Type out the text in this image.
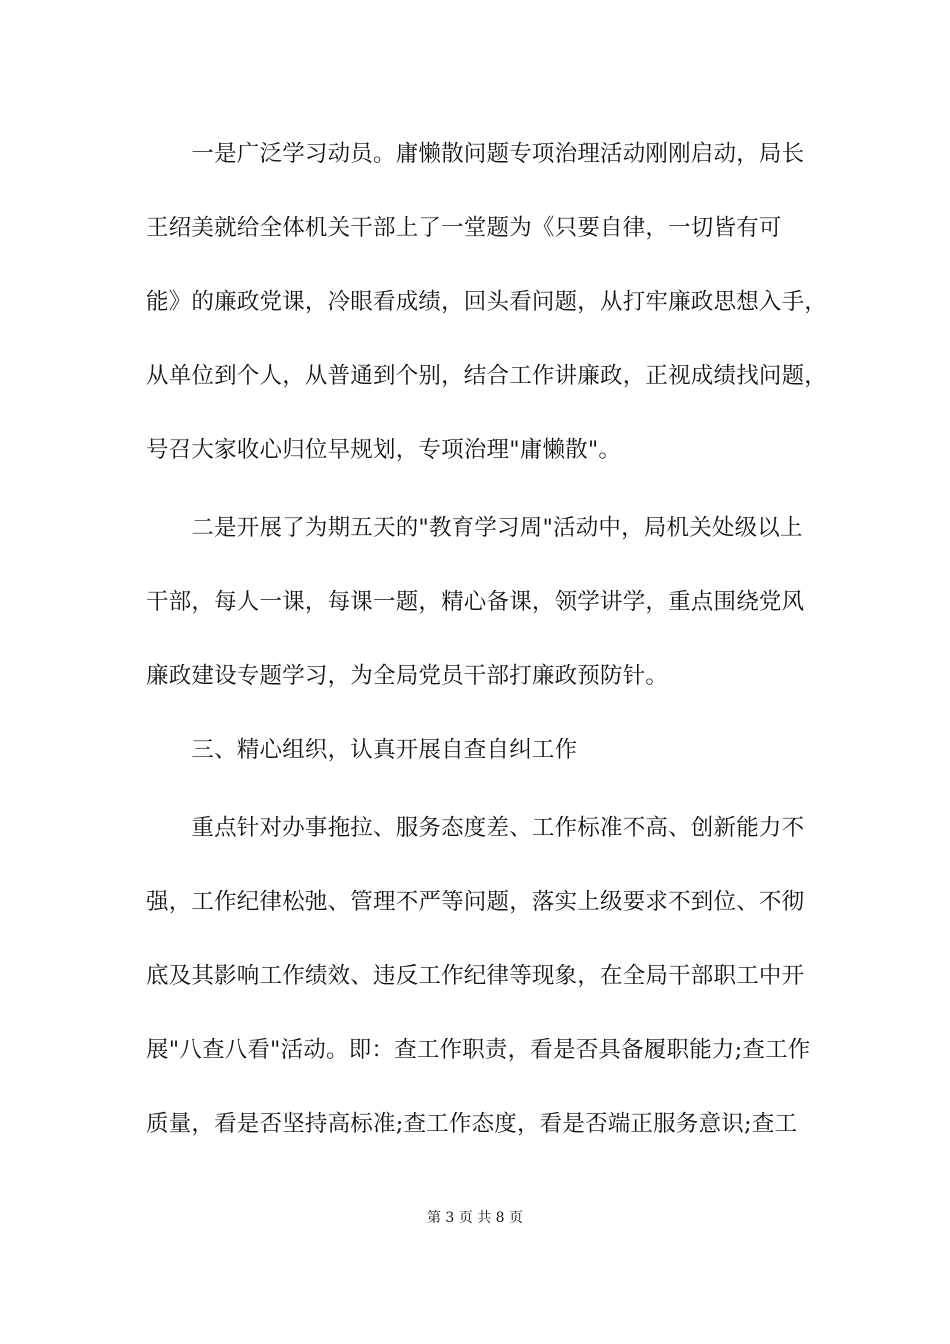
　　一是广泛学习动员。庸懒散问题专项治理活动刚刚启动，局长
王绍美就给全体机关干部上了一堂题为《只要自律，一切皆有可
能》的廉政党课，冷眼看成绩，回头看问题，从打牢廉政思想入手，
从单位到个人，从普通到个别，结合工作讲廉政，正视成绩找问题，
号召大家收心归位早规划，专项治理"庸懒散"。
　　二是开展了为期五天的"教育学习周"活动中，局机关处级以上
干部，每人一课，每课一题，精心备课，领学讲学，重点围绕党风
廉政建设专题学习，为全局党员干部打廉政预防针。
　　三、精心组织，认真开展自查自纠工作
　　重点针对办事拖拉、服务态度差、工作标准不高、创新能力不
强，工作纪律松弛、管理不严等问题，落实上级要求不到位、不彻
底及其影响工作绩效、违反工作纪律等现象，在全局干部职工中开
展"八查八看"活动。即：查工作职责，看是否具备履职能力;查工作
质量，看是否坚持高标准;查工作态度，看是否端正服务意识;查工
第 3 页 共 8 页
